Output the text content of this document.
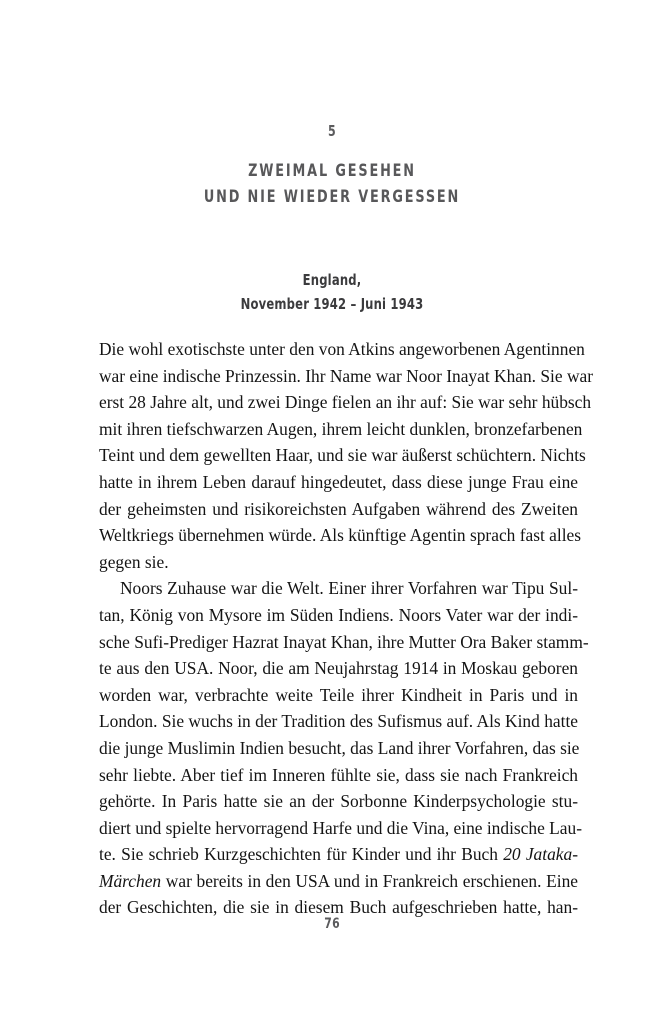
5
ZWEIMAL GESEHEN
UND NIE WIEDER VERGESSEN
England,
November 1942 – Juni 1943

Die wohl exotischste unter den von Atkins angeworbenen Agentinnen
war eine indische Prinzessin. Ihr Name war Noor Inayat Khan. Sie war
erst 28 Jahre alt, und zwei Dinge fielen an ihr auf: Sie war sehr hübsch
mit ihren tiefschwarzen Augen, ihrem leicht dunklen, bronzefarbenen
Teint und dem gewellten Haar, und sie war äußerst schüchtern. Nichts
hatte in ihrem Leben darauf hingedeutet, dass diese junge Frau eine
der geheimsten und risikoreichsten Aufgaben während des Zweiten
Weltkriegs übernehmen würde. Als künftige Agentin sprach fast alles
gegen sie.

Noors Zuhause war die Welt. Einer ihrer Vorfahren war Tipu Sul-
tan, König von Mysore im Süden Indiens. Noors Vater war der indi-
sche Sufi-Prediger Hazrat Inayat Khan, ihre Mutter Ora Baker stamm-
te aus den USA. Noor, die am Neujahrstag 1914 in Moskau geboren
worden war, verbrachte weite Teile ihrer Kindheit in Paris und in
London. Sie wuchs in der Tradition des Sufismus auf. Als Kind hatte
die junge Muslimin Indien besucht, das Land ihrer Vorfahren, das sie
sehr liebte. Aber tief im Inneren fühlte sie, dass sie nach Frankreich
gehörte. In Paris hatte sie an der Sorbonne Kinderpsychologie stu-
diert und spielte hervorragend Harfe und die Vina, eine indische Lau-
te. Sie schrieb Kurzgeschichten für Kinder und ihr Buch 20 Jataka-
Märchen war bereits in den USA und in Frankreich erschienen. Eine
der Geschichten, die sie in diesem Buch aufgeschrieben hatte, han-

76
